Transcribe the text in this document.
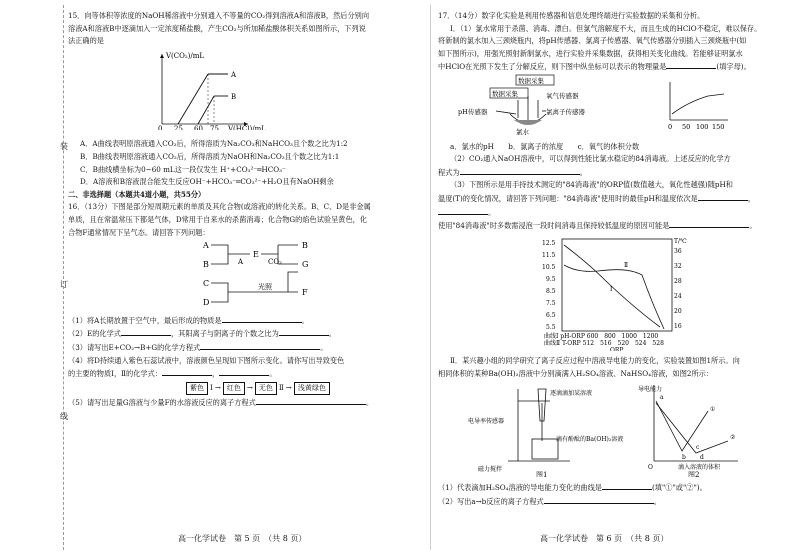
装
订
线

15．向等体积等浓度的NaOH稀溶液中分别通入不等量的CO₂得到溶液A和溶液B，然后分别向

溶液A和溶液B中逐滴加入一定浓度稀盐酸，产生CO₂与所加稀盐酸体积关系如图所示，下列说

法正确的是

V(CO₂)/mL
A
B
0 25 60 75 V(HCl)/mL

A．A曲线表明原溶液通入CO₂后，所得溶质为Na₂CO₃和NaHCO₃且个数之比为1:2

B．B曲线表明原溶液通入CO₂后，所得溶质为NaOH和Na₂CO₃且个数之比为1:1

C．B曲线横坐标为0~60 mL这一段仅发生 H⁺+CO₃²⁻═HCO₃⁻

D．A溶液和B溶液混合能发生反应OH⁻+HCO₃⁻═CO₃²⁻+H₂O且有NaOH剩余

二、非选择题（本题共4道小题，共55分）

16．（13分）下图是部分短周期元素的单质及其化合物(或溶液)的转化关系。B、C、D是非金属

单质，且在常温常压下都是气体，D常用于自来水的杀菌消毒；化合物G的焰色试验呈黄色，化

合物F通常情况下呈气态。请回答下列问题：

A
B
C
D
E
B
G
F
A	CO₂
光照

（1）将A长期放置于空气中，最后形成的物质是	。

（2）E的化学式	，其阳离子与阴离子的个数之比为	。

（3）请写出E+CO₂→B+G的化学方程式	。

（4）将D持续通入紫色石蕊试液中，溶液颜色呈现如下图所示变化。请你写出导致变色

的主要的物质Ⅰ，Ⅱ的化学式：	，	。

紫色 Ⅰ → 红色 → 无色 Ⅱ → 浅黄绿色

（5）请写出足量G溶液与少量F的水溶液反应的离子方程式	。

17．（14分）数字化实验是利用传感器和信息处理终端进行实验数据的采集和分析。

Ⅰ．（1）氯水常用于杀菌、消毒、漂白。但氯气溶解度不大，而且生成的HClO不稳定，难以保存。

将新制的氯水加入三颈烧瓶内，将pH传感器、氯离子传感器、氧气传感器分别插入三颈烧瓶中(如

如下图所示)，用强光照射新制氯水，进行实验并采集数据，获得相关变化曲线。若能够证明氯水

中HClO在光照下发生了分解反应，则下图中纵坐标可以表示的物理量是	(填字母)。

数据采集
数据采集	氧气传感器
pH传感器	氯离子传感器
氯水
0 50 100 150

a．氯水的pH　　 b．氯离子的浓度　　 c．氧气的体积分数

（2）CO₂通入NaOH溶液中，可以得到性能比氯水稳定的84消毒液。上述反应的化学方

程式为	。

（3）下图所示是用手持技术测定的"84消毒液"的ORP值(数值越大，氧化性越强)随pH和

温度(T)的变化情况，请回答下列问题："84消毒液"使用时的最佳pH和温度依次是	，。

使用"84消毒液"时多数需浸泡一段时间消毒且保持较低温度的原因可能是	。

T/℃
Ⅰ
Ⅱ
12.5
11.5
10.5
9.5
8.5
7.5
6.5
5.5
36
32
28
24
20
16
曲线Ⅰ pH-ORP 600　800　1000　1200
曲线Ⅱ T-ORP 512　516　520　524　528
ORP

Ⅱ．某兴趣小组的同学研究了离子反应过程中溶液导电能力的变化，实验装置如图1所示。向

相同体积的某种Ba(OH)₂溶液中分别滴满入H₂SO₄溶液、NaHSO₄溶液，如图2所示：

电导率传感器
磁力搅拌
逐滴滴加某溶液
滴有酚酞的Ba(OH)₂溶液
图1
导电能力
O
a
b
c
d
①
②
滴入溶液的体积
图2

（1）代表滴加H₂SO₄溶液的导电能力变化的曲线是	(填"①"或"②")。

（2）写出a→b反应的离子方程式	。

高一化学试卷　第 5 页　（共 8 页）	高一化学试卷　第 6 页　（共 8 页）
